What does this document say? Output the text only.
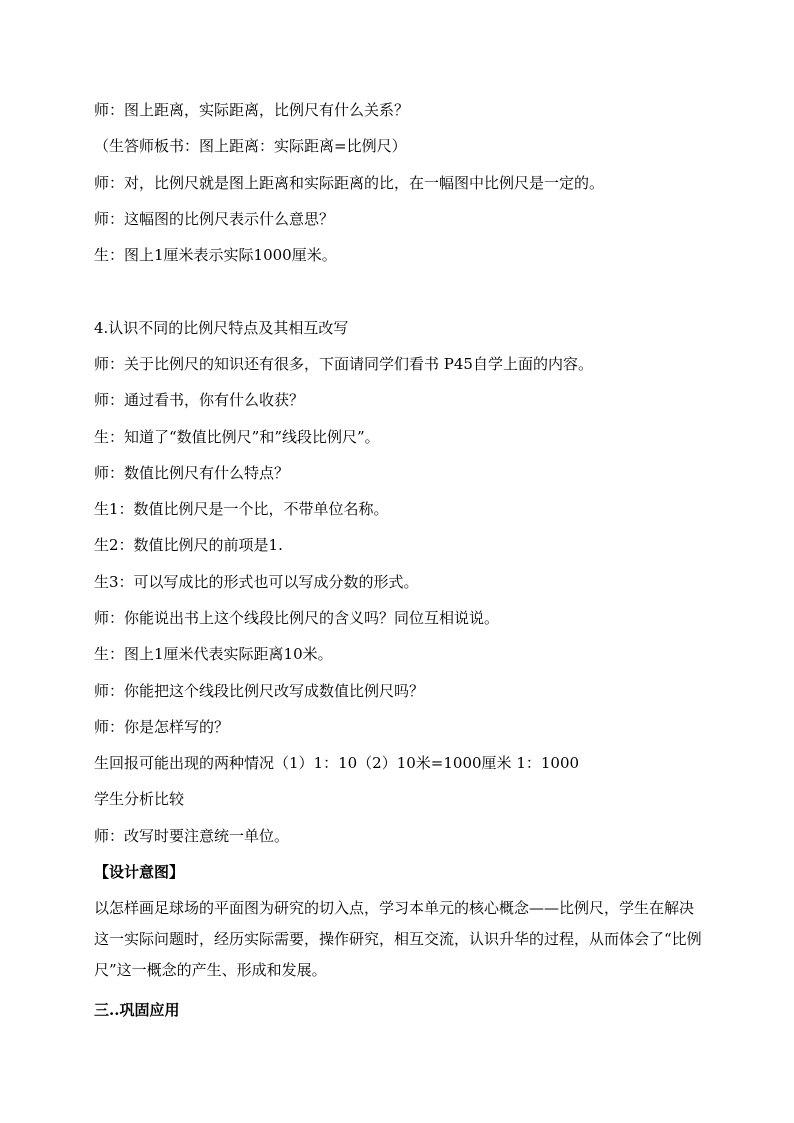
师：图上距离，实际距离，比例尺有什么关系？
（生答师板书：图上距离：实际距离=比例尺）
师：对，比例尺就是图上距离和实际距离的比，在一幅图中比例尺是一定的。
师：这幅图的比例尺表示什么意思？
生：图上1厘米表示实际1000厘米。
4.认识不同的比例尺特点及其相互改写
师：关于比例尺的知识还有很多，下面请同学们看书 P45自学上面的内容。
师：通过看书，你有什么收获？
生：知道了“数值比例尺”和”线段比例尺”。
师：数值比例尺有什么特点？
生1：数值比例尺是一个比，不带单位名称。
生2：数值比例尺的前项是1.
生3：可以写成比的形式也可以写成分数的形式。
师：你能说出书上这个线段比例尺的含义吗？同位互相说说。
生：图上1厘米代表实际距离10米。
师：你能把这个线段比例尺改写成数值比例尺吗？
师：你是怎样写的？
生回报可能出现的两种情况（1）1：10（2）10米=1000厘米 1：1000
学生分析比较
师：改写时要注意统一单位。
【设计意图】
以怎样画足球场的平面图为研究的切入点，学习本单元的核心概念——比例尺，学生在解决这一实际问题时，经历实际需要，操作研究，相互交流，认识升华的过程，从而体会了“比例尺”这一概念的产生、形成和发展。
三..巩固应用
